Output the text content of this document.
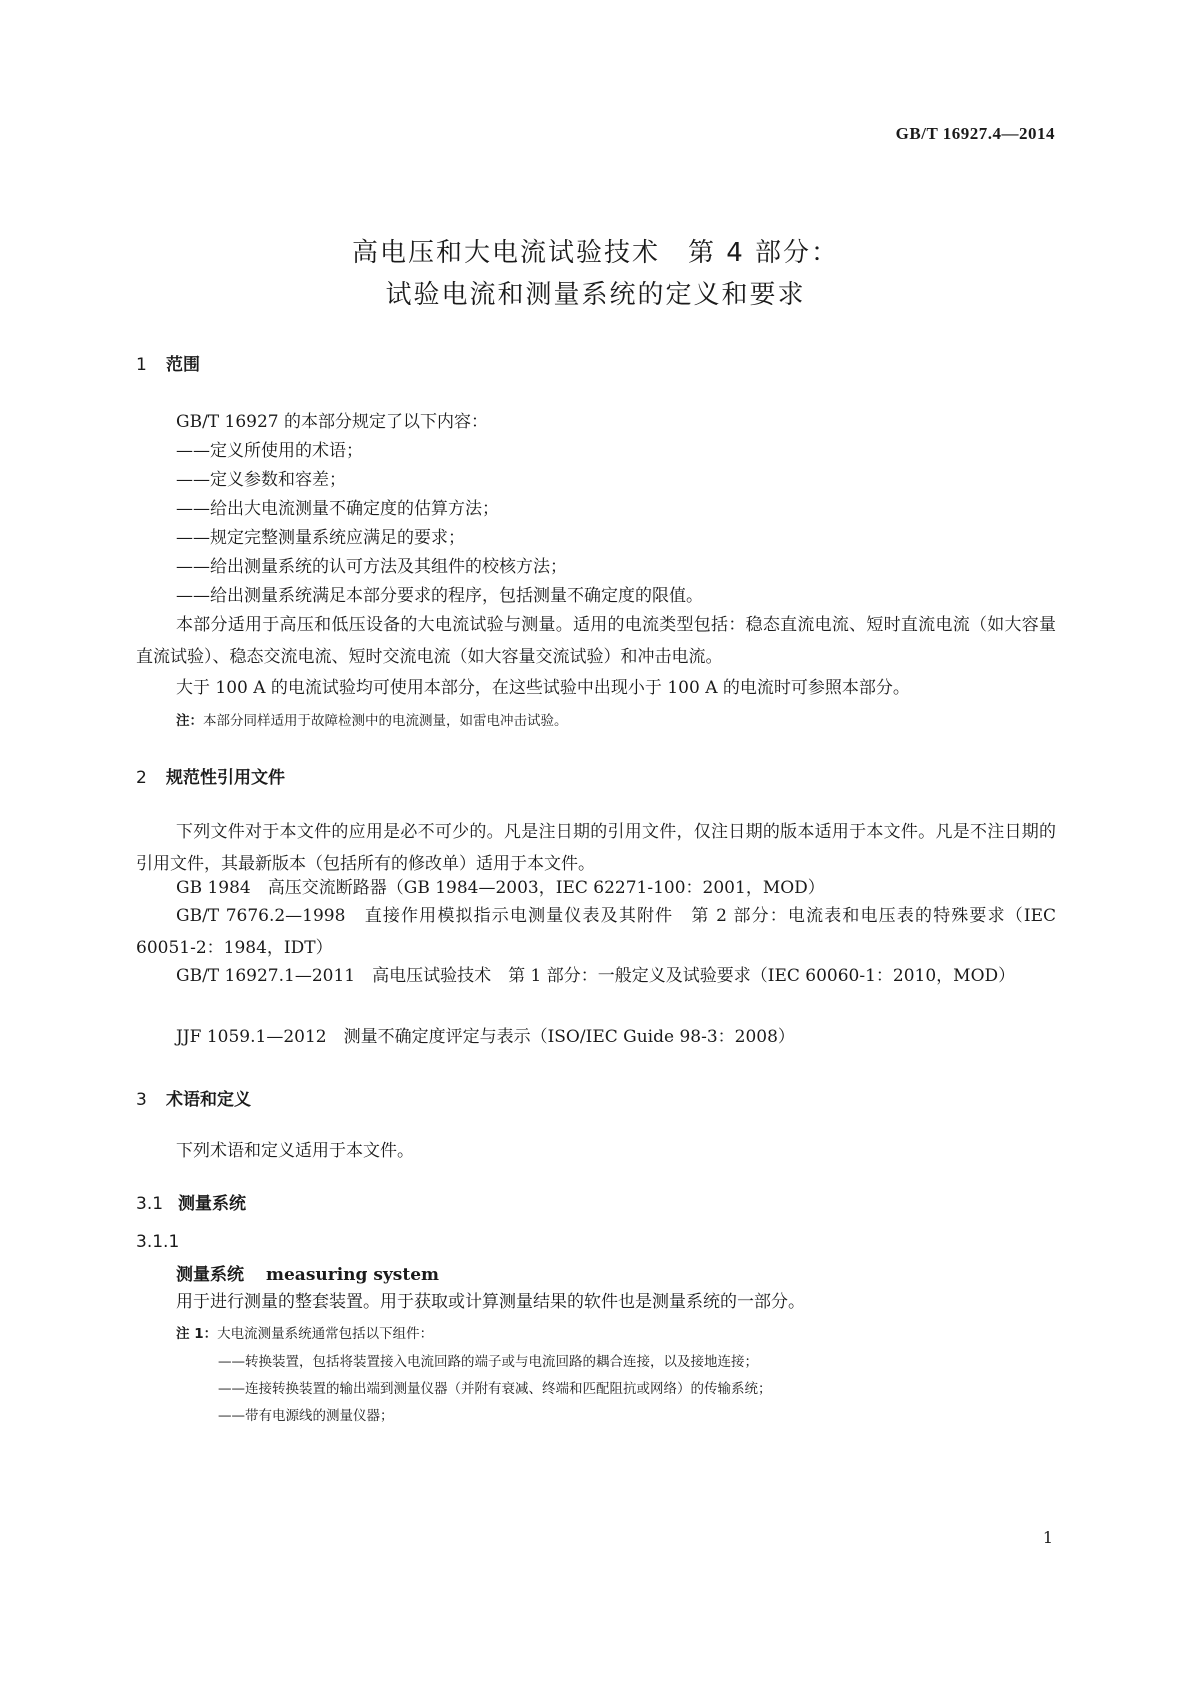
GB/T 16927.4—2014
高电压和大电流试验技术　第 4 部分：
试验电流和测量系统的定义和要求
1 范围
GB/T 16927 的本部分规定了以下内容：
——定义所使用的术语；
——定义参数和容差；
——给出大电流测量不确定度的估算方法；
——规定完整测量系统应满足的要求；
——给出测量系统的认可方法及其组件的校核方法；
——给出测量系统满足本部分要求的程序，包括测量不确定度的限值。
本部分适用于高压和低压设备的大电流试验与测量。适用的电流类型包括：稳态直流电流、短时直流电流（如大容量直流试验）、稳态交流电流、短时交流电流（如大容量交流试验）和冲击电流。
大于 100 A 的电流试验均可使用本部分，在这些试验中出现小于 100 A 的电流时可参照本部分。
注：本部分同样适用于故障检测中的电流测量，如雷电冲击试验。
2 规范性引用文件
下列文件对于本文件的应用是必不可少的。凡是注日期的引用文件，仅注日期的版本适用于本文件。凡是不注日期的引用文件，其最新版本（包括所有的修改单）适用于本文件。
GB 1984　高压交流断路器（GB 1984—2003，IEC 62271-100：2001，MOD）
GB/T 7676.2—1998　直接作用模拟指示电测量仪表及其附件　第 2 部分：电流表和电压表的特殊要求（IEC 60051-2：1984，IDT）
GB/T 16927.1—2011　高电压试验技术　第 1 部分：一般定义及试验要求（IEC 60060-1：2010，MOD）
JJF 1059.1—2012　测量不确定度评定与表示（ISO/IEC Guide 98-3：2008）
3 术语和定义
下列术语和定义适用于本文件。
3.1 测量系统
3.1.1
测量系统 measuring system
用于进行测量的整套装置。用于获取或计算测量结果的软件也是测量系统的一部分。
注 1：大电流测量系统通常包括以下组件：
——转换装置，包括将装置接入电流回路的端子或与电流回路的耦合连接，以及接地连接；
——连接转换装置的输出端到测量仪器（并附有衰减、终端和匹配阻抗或网络）的传输系统；
——带有电源线的测量仪器；
1
